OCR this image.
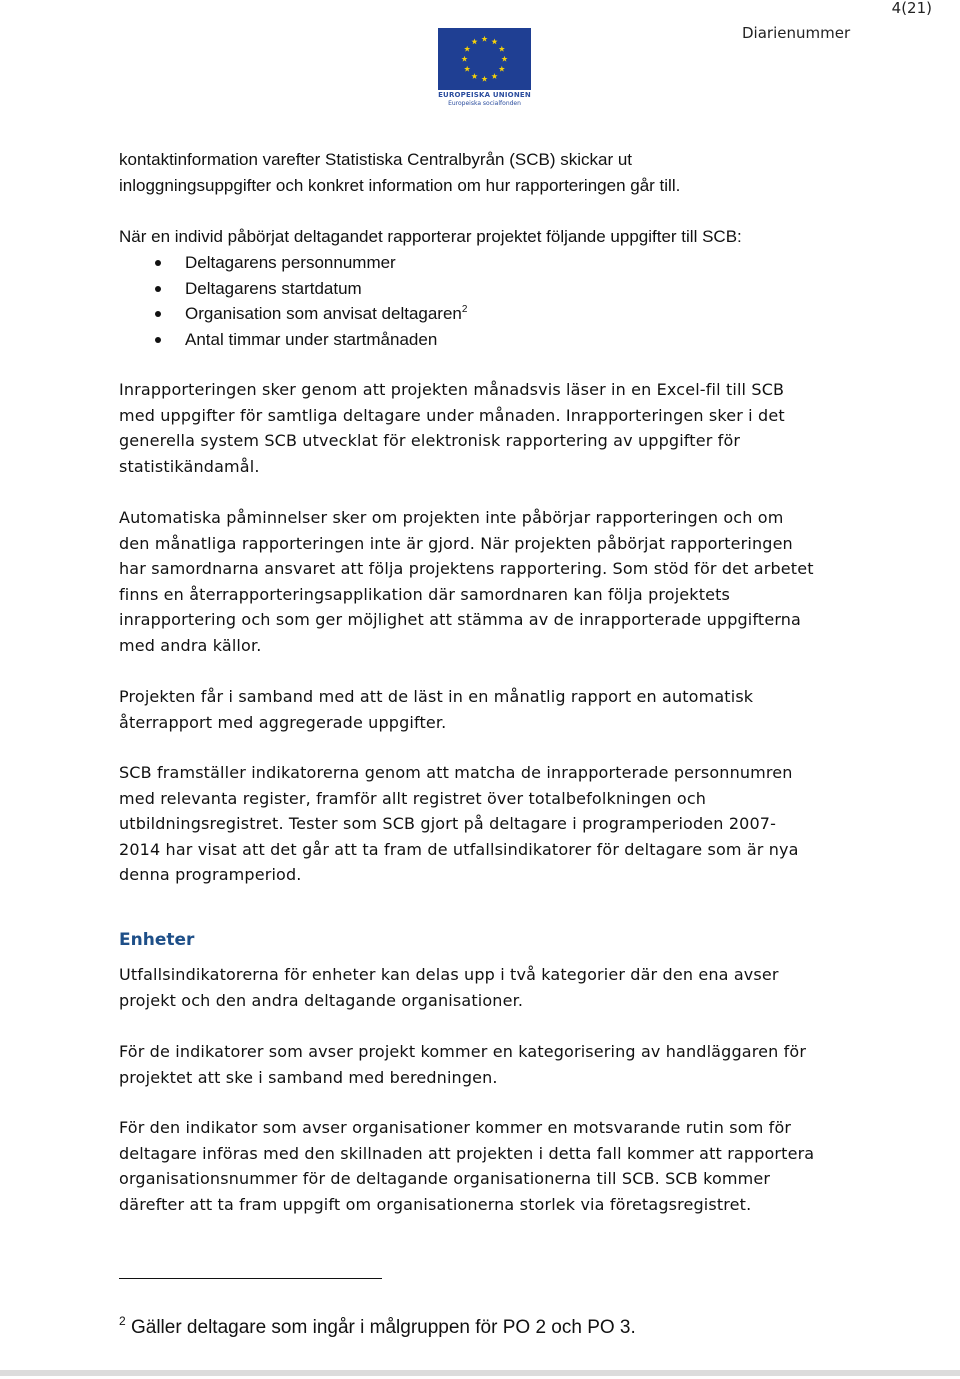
4(21)
Diarienummer
EUROPEISKA UNIONEN
Europeiska socialfonden
kontaktinformation varefter Statistiska Centralbyrån (SCB) skickar ut
inloggningsuppgifter och konkret information om hur rapporteringen går till.
När en individ påbörjat deltagandet rapporterar projektet följande uppgifter till SCB:
Deltagarens personnummer
Deltagarens startdatum
Organisation som anvisat deltagaren$^2$
Antal timmar under startmånaden
Inrapporteringen sker genom att projekten månadsvis läser in en Excel-fil till SCB
med uppgifter för samtliga deltagare under månaden. Inrapporteringen sker i det
generella system SCB utvecklat för elektronisk rapportering av uppgifter för
statistikändamål.
Automatiska påminnelser sker om projekten inte påbörjar rapporteringen och om
den månatliga rapporteringen inte är gjord. När projekten påbörjat rapporteringen
har samordnarna ansvaret att följa projektens rapportering. Som stöd för det arbetet
finns en återrapporteringsapplikation där samordnaren kan följa projektets
inrapportering och som ger möjlighet att stämma av de inrapporterade uppgifterna
med andra källor.
Projekten får i samband med att de läst in en månatlig rapport en automatisk
återrapport med aggregerade uppgifter.
SCB framställer indikatorerna genom att matcha de inrapporterade personnumren
med relevanta register, framför allt registret över totalbefolkningen och
utbildningsregistret. Tester som SCB gjort på deltagare i programperioden 2007-
2014 har visat att det går att ta fram de utfallsindikatorer för deltagare som är nya
denna programperiod.
Enheter
Utfallsindikatorerna för enheter kan delas upp i två kategorier där den ena avser
projekt och den andra deltagande organisationer.
För de indikatorer som avser projekt kommer en kategorisering av handläggaren för
projektet att ske i samband med beredningen.
För den indikator som avser organisationer kommer en motsvarande rutin som för
deltagare införas med den skillnaden att projekten i detta fall kommer att rapportera
organisationsnummer för de deltagande organisationerna till SCB. SCB kommer
därefter att ta fram uppgift om organisationerna storlek via företagsregistret.
$^2$ Gäller deltagare som ingår i målgruppen för PO 2 och PO 3.
